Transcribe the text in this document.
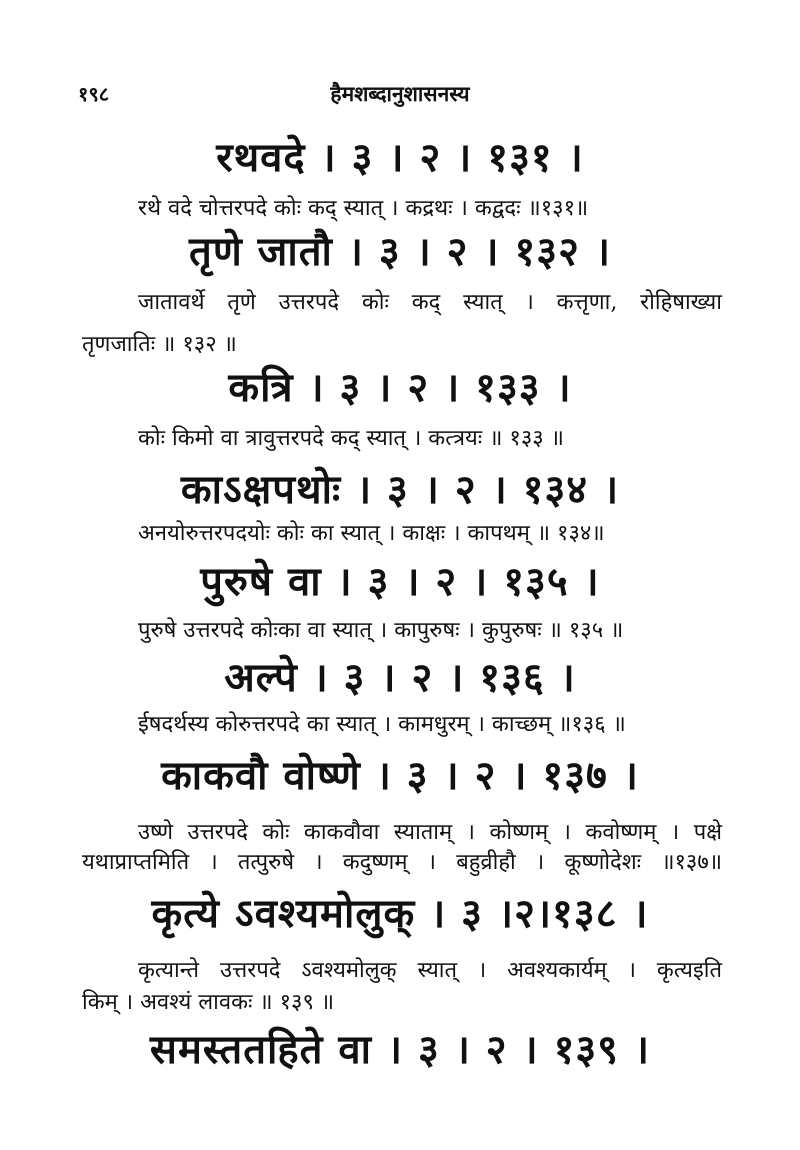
१९८	हैमशब्दानुशासनस्य
रथवदे । ३ । २ । १३१ ।
रथे वदे चोत्तरपदे कोः कद् स्यात् । कद्रथः । कद्वदः ॥१३१॥
तृणे जातौ । ३ । २ । १३२ ।
जातावर्थे तृणे उत्तरपदे कोः कद् स्यात् । कत्तृणा, रोहिषाख्या
तृणजातिः ॥ १३२ ॥
कत्रि । ३ । २ । १३३ ।
कोः किमो वा त्रावुत्तरपदे कद् स्यात् । कत्त्रयः ॥ १३३ ॥
काऽक्षपथोः । ३ । २ । १३४ ।
अनयोरुत्तरपदयोः कोः का स्यात् । काक्षः । कापथम् ॥ १३४॥
पुरुषे वा । ३ । २ । १३५ ।
पुरुषे उत्तरपदे कोःका वा स्यात् । कापुरुषः । कुपुरुषः ॥ १३५ ॥
अल्पे । ३ । २ । १३६ ।
ईषदर्थस्य कोरुत्तरपदे का स्यात् । कामधुरम् । काच्छम् ॥१३६ ॥
काकवौ वोष्णे । ३ । २ । १३७ ।
उष्णे उत्तरपदे कोः काकवौवा स्याताम् । कोष्णम् । कवोष्णम् । पक्षे
यथाप्राप्तमिति । तत्पुरुषे । कदुष्णम् । बहुव्रीहौ । कूष्णोदेशः ॥१३७॥
कृत्ये ऽवश्यमोलुक् । ३ ।२।१३८ ।
कृत्यान्ते उत्तरपदे ऽवश्यमोलुक् स्यात् । अवश्यकार्यम् । कृत्यइति
किम् । अवश्यं लावकः ॥ १३९ ॥
समस्ततहिते वा । ३ । २ । १३९ ।
